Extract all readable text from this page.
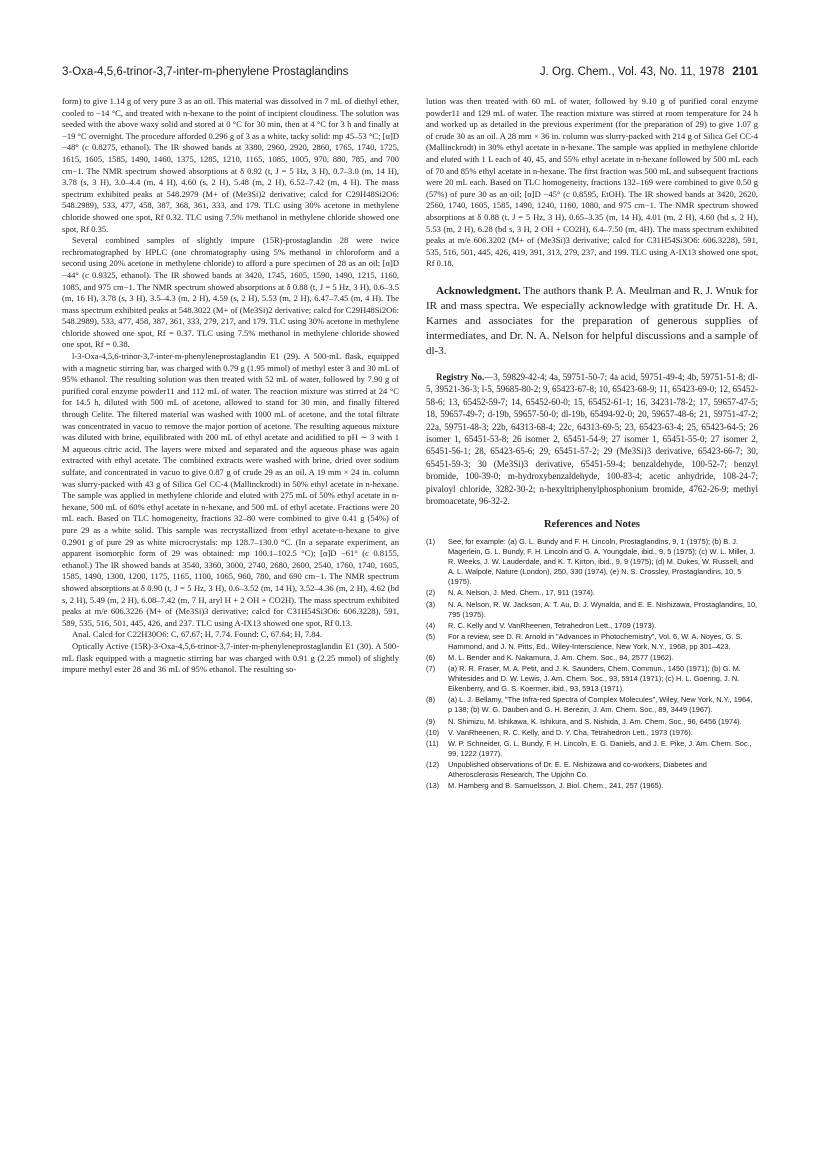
3-Oxa-4,5,6-trinor-3,7-inter-m-phenylene Prostaglandins	J. Org. Chem., Vol. 43, No. 11, 1978 2101

form) to give 1.14 g of very pure 3 as an oil. This material was dissolved in 7 mL of diethyl ether, cooled to −14 °C, and treated with n-hexane to the point of incipient cloudiness. The solution was seeded with the above waxy solid and stored at 0 °C for 30 min, then at 4 °C for 3 h and finally at −19 °C overnight. The procedure afforded 0.296 g of 3 as a white, tacky solid: mp 45–53 °C; [α]D −48° (c 0.8275, ethanol). The IR showed bands at 3380, 2960, 2920, 2860, 1765, 1740, 1725, 1615, 1605, 1585, 1490, 1460, 1375, 1285, 1210, 1165, 1085, 1005, 970, 880, 785, and 700 cm−1. The NMR spectrum showed absorptions at δ 0.92 (t, J = 5 Hz, 3 H), 0.7–3.0 (m, 14 H), 3.78 (s, 3 H), 3.0–4.4 (m, 4 H), 4.60 (s, 2 H), 5.48 (m, 2 H), 6.52–7.42 (m, 4 H). The mass spectrum exhibited peaks at 548.2979 (M+ of (Me3Si)2 derivative; calcd for C29H48Si2O6: 548.2989), 533, 477, 458, 387, 368, 361, 333, and 179. TLC using 30% acetone in methylene chloride showed one spot, Rf 0.32. TLC using 7.5% methanol in methylene chloride showed one spot, Rf 0.35.

Several combined samples of slightly impure (15R)-prostaglandin 28 were twice rechromatographed by HPLC (one chromatography using 5% methanol in chloroform and a second using 20% acetone in methylene chloride) to afford a pure specimen of 28 as an oil; [α]D −44° (c 0.9325, ethanol). The IR showed bands at 3420, 1745, 1605, 1590, 1490, 1215, 1160, 1085, and 975 cm−1. The NMR spectrum showed absorptions at δ 0.88 (t, J = 5 Hz, 3 H), 0.6–3.5 (m, 16 H), 3.78 (s, 3 H), 3.5–4.3 (m, 2 H), 4.59 (s, 2 H), 5.53 (m, 2 H), 6.47–7.45 (m, 4 H). The mass spectrum exhibited peaks at 548.3022 (M+ of (Me3Si)2 derivative; calcd for C29H48Si2O6: 548.2989), 533, 477, 458, 387, 361, 333, 279, 217, and 179. TLC using 30% acetone in methylene chloride showed one spot, Rf = 0.37. TLC using 7.5% methanol in methylene chloride showed one spot, Rf = 0.38.

l-3-Oxa-4,5,6-trinor-3,7-inter-m-phenyleneprostaglandin E1 (29). A 500-mL flask, equipped with a magnetic stirring bar, was charged with 0.79 g (1.95 mmol) of methyl ester 3 and 30 mL of 95% ethanol. The resulting solution was then treated with 52 mL of water, followed by 7.90 g of purified coral enzyme powder11 and 112 mL of water. The reaction mixture was stirred at 24 °C for 14.5 h, diluted with 500 mL of acetone, allowed to stand for 30 min, and finally filtered through Celite. The filtered material was washed with 1000 mL of acetone, and the total filtrate was concentrated in vacuo to remove the major portion of acetone. The resulting aqueous mixture was diluted with brine, equilibrated with 200 mL of ethyl acetate and acidified to pH ∼ 3 with 1 M aqueous citric acid. The layers were mixed and separated and the aqueous phase was again extracted with ethyl acetate. The combined extracts were washed with brine, dried over sodium sulfate, and concentrated in vacuo to give 0.87 g of crude 29 as an oil. A 19 mm × 24 in. column was slurry-packed with 43 g of Silica Gel CC-4 (Mallinckrodt) in 50% ethyl acetate in n-hexane. The sample was applied in methylene chloride and eluted with 275 mL of 50% ethyl acetate in n-hexane, 500 mL of 60% ethyl acetate in n-hexane, and 500 mL of ethyl acetate. Fractions were 20 mL each. Based on TLC homogeneity, fractions 32–80 were combined to give 0.41 g (54%) of pure 29 as a white solid. This sample was recrystallized from ethyl acetate-n-hexane to give 0.2901 g of pure 29 as white microcrystals: mp 128.7–130.0 °C. (In a separate experiment, an apparent isomorphic form of 29 was obtained: mp 100.1–102.5 °C); [α]D −61° (c 0.8155, ethanol.) The IR showed bands at 3540, 3360, 3000, 2740, 2680, 2600, 2540, 1760, 1740, 1605, 1585, 1490, 1300, 1200, 1175, 1165, 1100, 1065, 960, 780, and 690 cm−1. The NMR spectrum showed absorptions at δ 0.90 (t, J = 5 Hz, 3 H), 0.6–3.52 (m, 14 H), 3.52–4.36 (m, 2 H), 4.62 (bd s, 2 H), 5.49 (m, 2 H), 6.08–7.42 (m, 7 H, aryl H + 2 OH + CO2H). The mass spectrum exhibited peaks at m/e 606.3226 (M+ of (Me3Si)3 derivative; calcd for C31H54Si3O6: 606.3228), 591, 589, 535, 516, 501, 445, 426, and 237. TLC using A-IX13 showed one spot, Rf 0.13.

Anal. Calcd for C22H30O6: C, 67.67; H, 7.74. Found: C, 67.64; H, 7.84.

Optically Active (15R)-3-Oxa-4,5,6-trinor-3,7-inter-m-phenyleneprostaglandin E1 (30). A 500-mL flask equipped with a magnetic stirring bar was charged with 0.91 g (2.25 mmol) of slightly impure methyl ester 28 and 36 mL of 95% ethanol. The resulting so-

lution was then treated with 60 mL of water, followed by 9.10 g of purified coral enzyme powder11 and 129 mL of water. The reaction mixture was stirred at room temperature for 24 h and worked up as detailed in the previous experiment (for the preparation of 29) to give 1.07 g of crude 30 as an oil. A 28 mm × 36 in. column was slurry-packed with 214 g of Silica Gel CC-4 (Mallinckrodt) in 30% ethyl acetate in n-hexane. The sample was applied in methylene chloride and eluted with 1 L each of 40, 45, and 55% ethyl acetate in n-hexane followed by 500 mL each of 70 and 85% ethyl acetate in n-hexane. The first fraction was 500 mL and subsequent fractions were 20 mL each. Based on TLC homogeneity, fractions 132–169 were combined to give 0.50 g (57%) of pure 30 as an oil; [α]D −45° (c 0.8595, EtOH). The IR showed bands at 3420, 2620, 2560, 1740, 1605, 1585, 1490, 1240, 1160, 1080, and 975 cm−1. The NMR spectrum showed absorptions at δ 0.88 (t, J = 5 Hz, 3 H), 0.65–3.35 (m, 14 H), 4.01 (m, 2 H), 4.60 (bd s, 2 H), 5.53 (m, 2 H), 6.28 (bd s, 3 H, 2 OH + CO2H), 6.4–7.50 (m, 4H). The mass spectrum exhibited peaks at m/e 606.3202 (M+ of (Me3Si)3 derivative; calcd for C31H54Si3O6: 606.3228), 591, 535, 516, 501, 445, 426, 419, 391, 313, 279, 237, and 199. TLC using A-IX13 showed one spot, Rf 0.18.

Acknowledgment. The authors thank P. A. Meulman and R. J. Wnuk for IR and mass spectra. We especially acknowledge with gratitude Dr. H. A. Karnes and associates for the preparation of generous supplies of intermediates, and Dr. N. A. Nelson for helpful discussions and a sample of dl-3.

Registry No.—3, 59829-42-4; 4a, 59751-50-7; 4a acid, 59751-49-4; 4b, 59751-51-8; dl-5, 39521-36-3; l-5, 59685-80-2; 9, 65423-67-8; 10, 65423-68-9; 11, 65423-69-0; 12, 65452-58-6; 13, 65452-59-7; 14, 65452-60-0; 15, 65452-61-1; 16, 34231-78-2; 17, 59657-47-5; 18, 59657-49-7; d-19b, 59657-50-0; dl-19b, 65494-92-0; 20, 59657-48-6; 21, 59751-47-2; 22a, 59751-48-3; 22b, 64313-68-4; 22c, 64313-69-5; 23, 65423-63-4; 25, 65423-64-5; 26 isomer 1, 65451-53-8; 26 isomer 2, 65451-54-9; 27 isomer 1, 65451-55-0; 27 isomer 2, 65451-56-1; 28, 65423-65-6; 29, 65451-57-2; 29 (Me3Si)3 derivative, 65423-66-7; 30, 65451-59-3; 30 (Me3Si)3 derivative, 65451-59-4; benzaldehyde, 100-52-7; benzyl bromide, 100-39-0; m-hydroxybenzaldehyde, 100-83-4; acetic anhydride, 108-24-7; pivaloyl chloride, 3282-30-2; n-hexyltriphenylphosphonium bromide, 4762-26-9; methyl bromoacetate, 96-32-2.

References and Notes
(1)	See, for example: (a) G. L. Bundy and F. H. Lincoln, Prostaglandins, 9, 1 (1975); (b) B. J. Magerlein, G. L. Bundy, F. H. Lincoln and G. A. Youngdale, ibid., 9, 5 (1975); (c) W. L. Miller, J. R. Weeks, J. W. Lauderdale, and K. T. Kirton, ibid., 9, 9 (1975); (d) M. Dukes, W. Russell, and A. L. Walpole, Nature (London), 250, 330 (1974), (e) N. S. Crossley, Prostaglandins, 10, 5 (1975).
(2)	N. A. Nelson, J. Med. Chem., 17, 911 (1974).
(3)	N. A. Nelson, R. W. Jackson, A. T. Au, D. J. Wynalda, and E. E. Nishizawa, Prostaglandins, 10, 795 (1975).
(4)	R. C. Kelly and V. VanRheenen, Tetrahedron Lett., 1709 (1973).
(5)	For a review, see D. R. Arnold in "Advances in Photochemistry", Vol. 6, W. A. Noyes, G. S. Hammond, and J. N. Pitts, Ed., Wiley-Interscience, New York, N.Y., 1968, pp 301–423.
(6)	M. L. Bender and K. Nakamura, J. Am. Chem. Soc., 84, 2577 (1962).
(7)	(a) R. R. Fraser, M. A. Petit, and J. K. Saunders, Chem. Commun., 1450 (1971); (b) G. M. Whitesides and D. W. Lewis, J. Am. Chem. Soc., 93, 5914 (1971); (c) H. L. Goering, J. N. Eikenberry, and G. S. Koermer, ibid., 93, 5913 (1971).
(8)	(a) L. J. Bellamy, "The Infra-red Spectra of Complex Molecules", Wiley, New York, N.Y., 1964, p 138; (b) W. G. Dauben and G. H. Berezin, J. Am. Chem. Soc., 89, 3449 (1967).
(9)	N. Shimizu, M. Ishikawa, K. Ishikura, and S. Nishida, J. Am. Chem. Soc., 96, 6456 (1974).
(10)	V. VanRheenen, R. C. Kelly, and D. Y. Cha, Tetrahedron Lett., 1973 (1976).
(11)	W. P. Schneider, G. L. Bundy, F. H. Lincoln, E. G. Daniels, and J. E. Pike, J. Am. Chem. Soc., 99, 1222 (1977).
(12)	Unpublished observations of Dr. E. E. Nishizawa and co-workers, Diabetes and Atherosclerosis Research, The Upjohn Co.
(13)	M. Hamberg and B. Samuelsson, J. Biol. Chem., 241, 257 (1965).
